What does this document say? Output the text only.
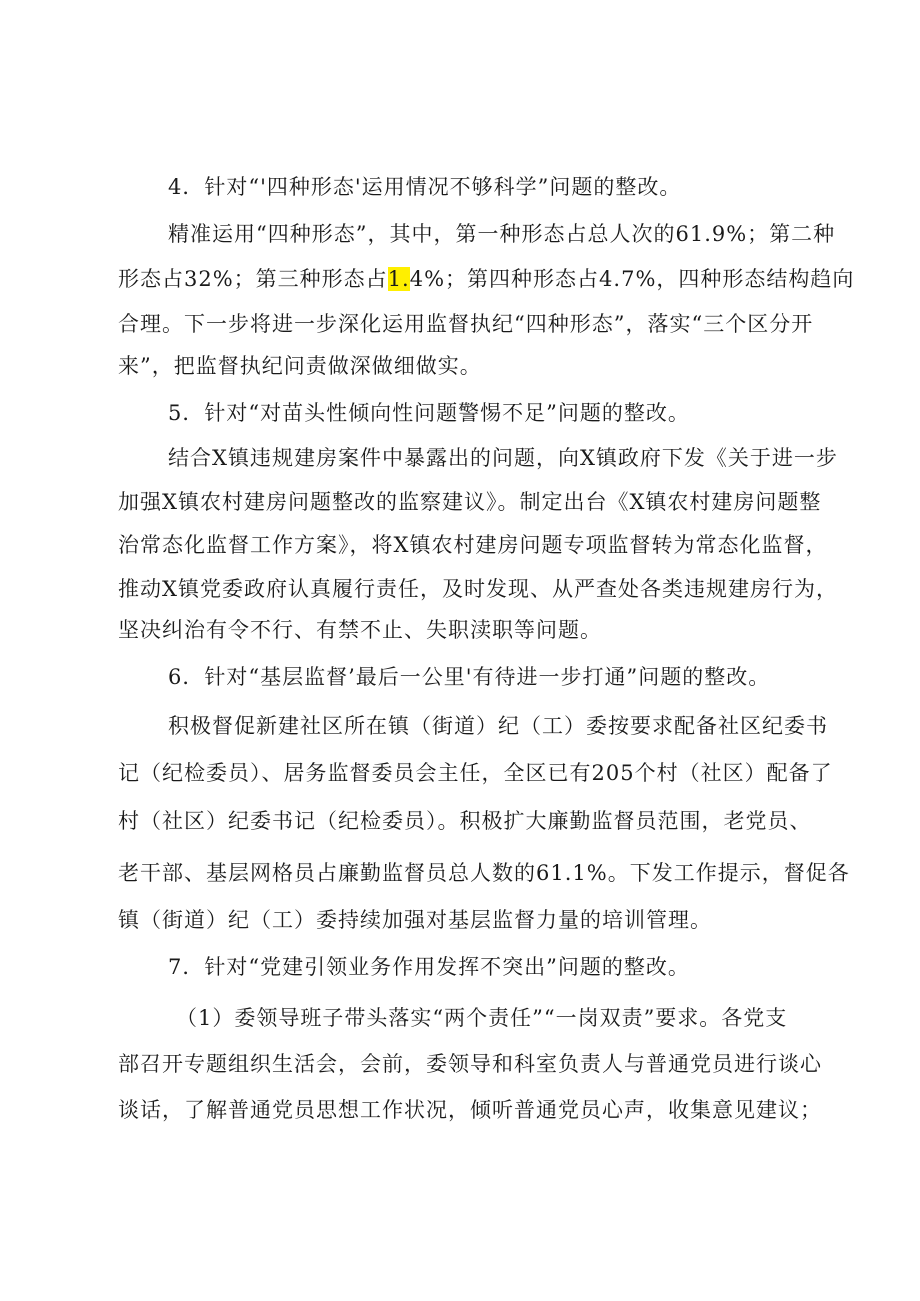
4．针对“'四种形态'运用情况不够科学”问题的整改。
精准运用“四种形态”，其中，第一种形态占总人次的61.9%；第二种
形态占32%；第三种形态占1.4%；第四种形态占4.7%，四种形态结构趋向
合理。下一步将进一步深化运用监督执纪“四种形态”，落实“三个区分开
来”，把监督执纪问责做深做细做实。
5．针对“对苗头性倾向性问题警惕不足”问题的整改。
结合X镇违规建房案件中暴露出的问题，向X镇政府下发《关于进一步
加强X镇农村建房问题整改的监察建议》。制定出台《X镇农村建房问题整
治常态化监督工作方案》，将X镇农村建房问题专项监督转为常态化监督，
推动X镇党委政府认真履行责任，及时发现、从严查处各类违规建房行为，
坚决纠治有令不行、有禁不止、失职渎职等问题。
6．针对“基层监督’最后一公里'有待进一步打通”问题的整改。
积极督促新建社区所在镇（街道）纪（工）委按要求配备社区纪委书
记（纪检委员）、居务监督委员会主任，全区已有205个村（社区）配备了
村（社区）纪委书记（纪检委员）。积极扩大廉勤监督员范围，老党员、
老干部、基层网格员占廉勤监督员总人数的61.1%。下发工作提示，督促各
镇（街道）纪（工）委持续加强对基层监督力量的培训管理。
7．针对“党建引领业务作用发挥不突出”问题的整改。
（1）委领导班子带头落实“两个责任”“一岗双责”要求。各党支
部召开专题组织生活会，会前，委领导和科室负责人与普通党员进行谈心
谈话，了解普通党员思想工作状况，倾听普通党员心声，收集意见建议；
